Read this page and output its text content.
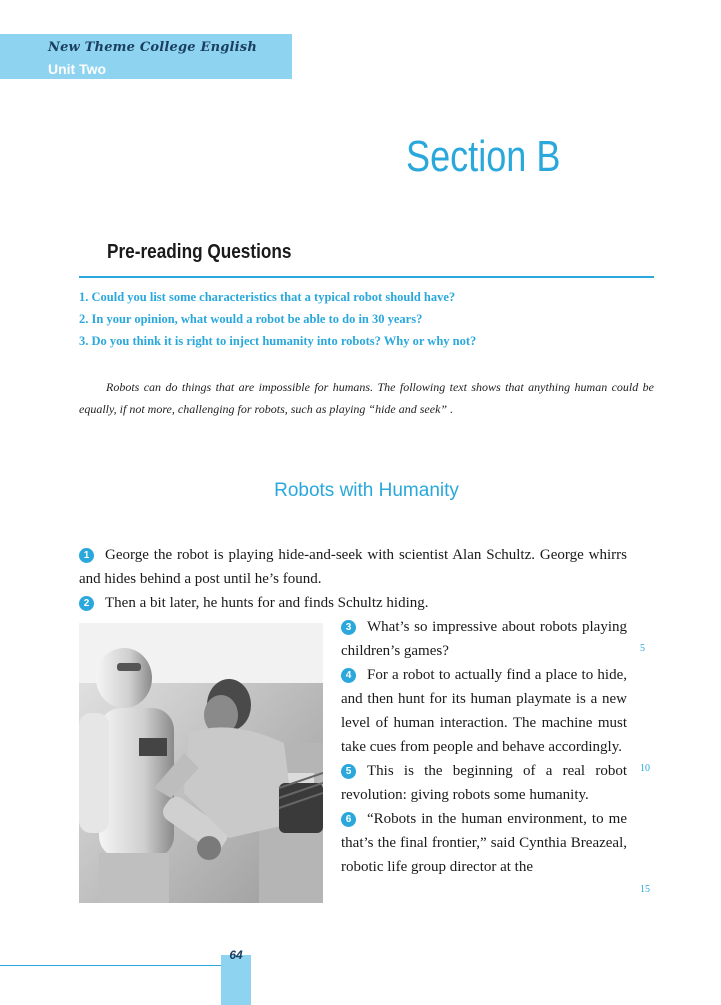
New Theme College English
Unit Two
Section B
Pre-reading Questions
1. Could you list some characteristics that a typical robot should have?
2. In your opinion, what would a robot be able to do in 30 years?
3. Do you think it is right to inject humanity into robots? Why or why not?
Robots can do things that are impossible for humans. The following text shows that anything human could be equally, if not more, challenging for robots, such as playing “hide and seek” .
Robots with Humanity
1 George the robot is playing hide-and-seek with scientist Alan Schultz. George whirrs and hides behind a post until he’s found.
2 Then a bit later, he hunts for and finds Schultz hiding.
3 What’s so impressive about robots playing children’s games?
4 For a robot to actually find a place to hide, and then hunt for its human playmate is a new level of human interaction. The machine must take cues from people and behave accordingly.
5 This is the beginning of a real robot revolution: giving robots some humanity.
6 “Robots in the human environment, to me that’s the final frontier,” said Cynthia Breazeal, robotic life group director at the
5
10
15
64
